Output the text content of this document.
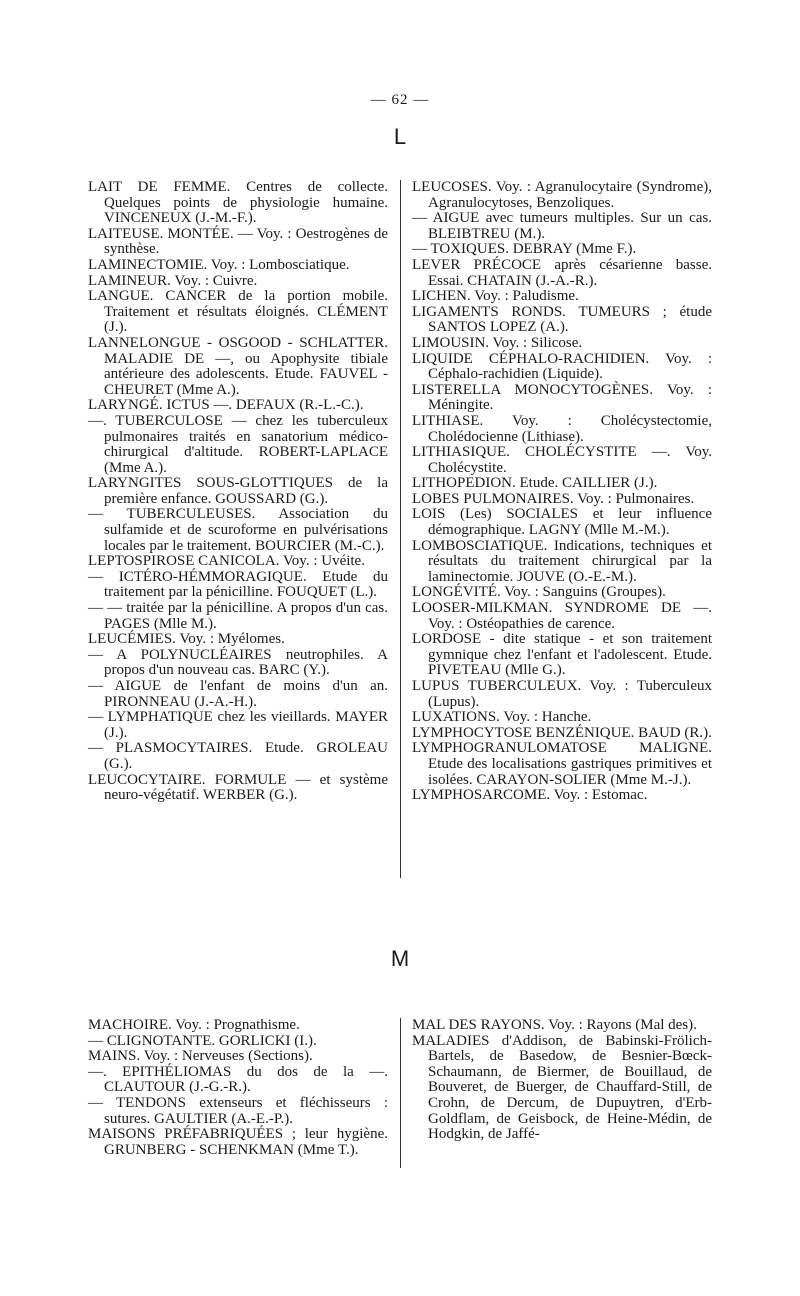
— 62 —
L

LAIT DE FEMME. Centres de collecte. Quelques points de physiologie humaine. VINCENEUX (J.-M.-F.).

LAITEUSE. MONTÉE. — Voy. : Oestrogènes de synthèse.

LAMINECTOMIE. Voy. : Lombosciatique.

LAMINEUR. Voy. : Cuivre.

LANGUE. CANCER de la portion mobile. Traitement et résultats éloignés. CLÉMENT (J.).

LANNELONGUE - OSGOOD - SCHLATTER. MALADIE DE —, ou Apophysite tibiale antérieure des adolescents. Etude. FAUVEL - CHEURET (Mme A.).

LARYNGÉ. ICTUS —. DEFAUX (R.-L.-C.).

—. TUBERCULOSE — chez les tuberculeux pulmonaires traités en sanatorium médico-chirurgical d'altitude. ROBERT-LAPLACE (Mme A.).

LARYNGITES SOUS-GLOTTIQUES de la première enfance. GOUSSARD (G.).

— TUBERCULEUSES. Association du sulfamide et de scuroforme en pulvérisations locales par le traitement. BOURCIER (M.-C.).

LEPTOSPIROSE CANICOLA. Voy. : Uvéite.

— ICTÉRO-HÉMMORAGIQUE. Etude du traitement par la pénicilline. FOUQUET (L.).

— — traitée par la pénicilline. A propos d'un cas. PAGES (Mlle M.).

LEUCÉMIES. Voy. : Myélomes.

— A POLYNUCLÉAIRES neutrophiles. A propos d'un nouveau cas. BARC (Y.).

— AIGUE de l'enfant de moins d'un an. PIRONNEAU (J.-A.-H.).

— LYMPHATIQUE chez les vieillards. MAYER (J.).

— PLASMOCYTAIRES. Etude. GROLEAU (G.).

LEUCOCYTAIRE. FORMULE — et système neuro-végétatif. WERBER (G.).

LEUCOSES. Voy. : Agranulocytaire (Syndrome), Agranulocytoses, Benzoliques.

— AIGUE avec tumeurs multiples. Sur un cas. BLEIBTREU (M.).

— TOXIQUES. DEBRAY (Mme F.).

LEVER PRÉCOCE après césarienne basse. Essai. CHATAIN (J.-A.-R.).

LICHEN. Voy. : Paludisme.

LIGAMENTS RONDS. TUMEURS ; étude SANTOS LOPEZ (A.).

LIMOUSIN. Voy. : Silicose.

LIQUIDE CÉPHALO-RACHIDIEN. Voy. : Céphalo-rachidien (Liquide).

LISTERELLA MONOCYTOGÈNES. Voy. : Méningite.

LITHIASE. Voy. : Cholécystectomie, Cholédocienne (Lithiase).

LITHIASIQUE. CHOLÉCYSTITE —. Voy. Cholécystite.

LITHOPEDION. Etude. CAILLIER (J.).

LOBES PULMONAIRES. Voy. : Pulmonaires.

LOIS (Les) SOCIALES et leur influence démographique. LAGNY (Mlle M.-M.).

LOMBOSCIATIQUE. Indications, techniques et résultats du traitement chirurgical par la laminectomie. JOUVE (O.-E.-M.).

LONGÉVITÉ. Voy. : Sanguins (Groupes).

LOOSER-MILKMAN. SYNDROME DE —. Voy. : Ostéopathies de carence.

LORDOSE - dite statique - et son traitement gymnique chez l'enfant et l'adolescent. Etude. PIVETEAU (Mlle G.).

LUPUS TUBERCULEUX. Voy. : Tuberculeux (Lupus).

LUXATIONS. Voy. : Hanche.

LYMPHOCYTOSE BENZÉNIQUE. BAUD (R.).

LYMPHOGRANULOMATOSE MALIGNE. Etude des localisations gastriques primitives et isolées. CARAYON-SOLIER (Mme M.-J.).

LYMPHOSARCOME. Voy. : Estomac.

M

MACHOIRE. Voy. : Prognathisme.

— CLIGNOTANTE. GORLICKI (I.).

MAINS. Voy. : Nerveuses (Sections).

—. EPITHÉLIOMAS du dos de la —. CLAUTOUR (J.-G.-R.).

— TENDONS extenseurs et fléchisseurs : sutures. GAULTIER (A.-E.-P.).

MAISONS PRÉFABRIQUÉES ; leur hygiène. GRUNBERG - SCHENKMAN (Mme T.).

MAL DES RAYONS. Voy. : Rayons (Mal des).

MALADIES d'Addison, de Babinski-Frölich-Bartels, de Basedow, de Besnier-Bœck-Schaumann, de Biermer, de Bouillaud, de Bouveret, de Buerger, de Chauffard-Still, de Crohn, de Dercum, de Dupuytren, d'Erb-Goldflam, de Geisbock, de Heine-Médin, de Hodgkin, de Jaffé-
